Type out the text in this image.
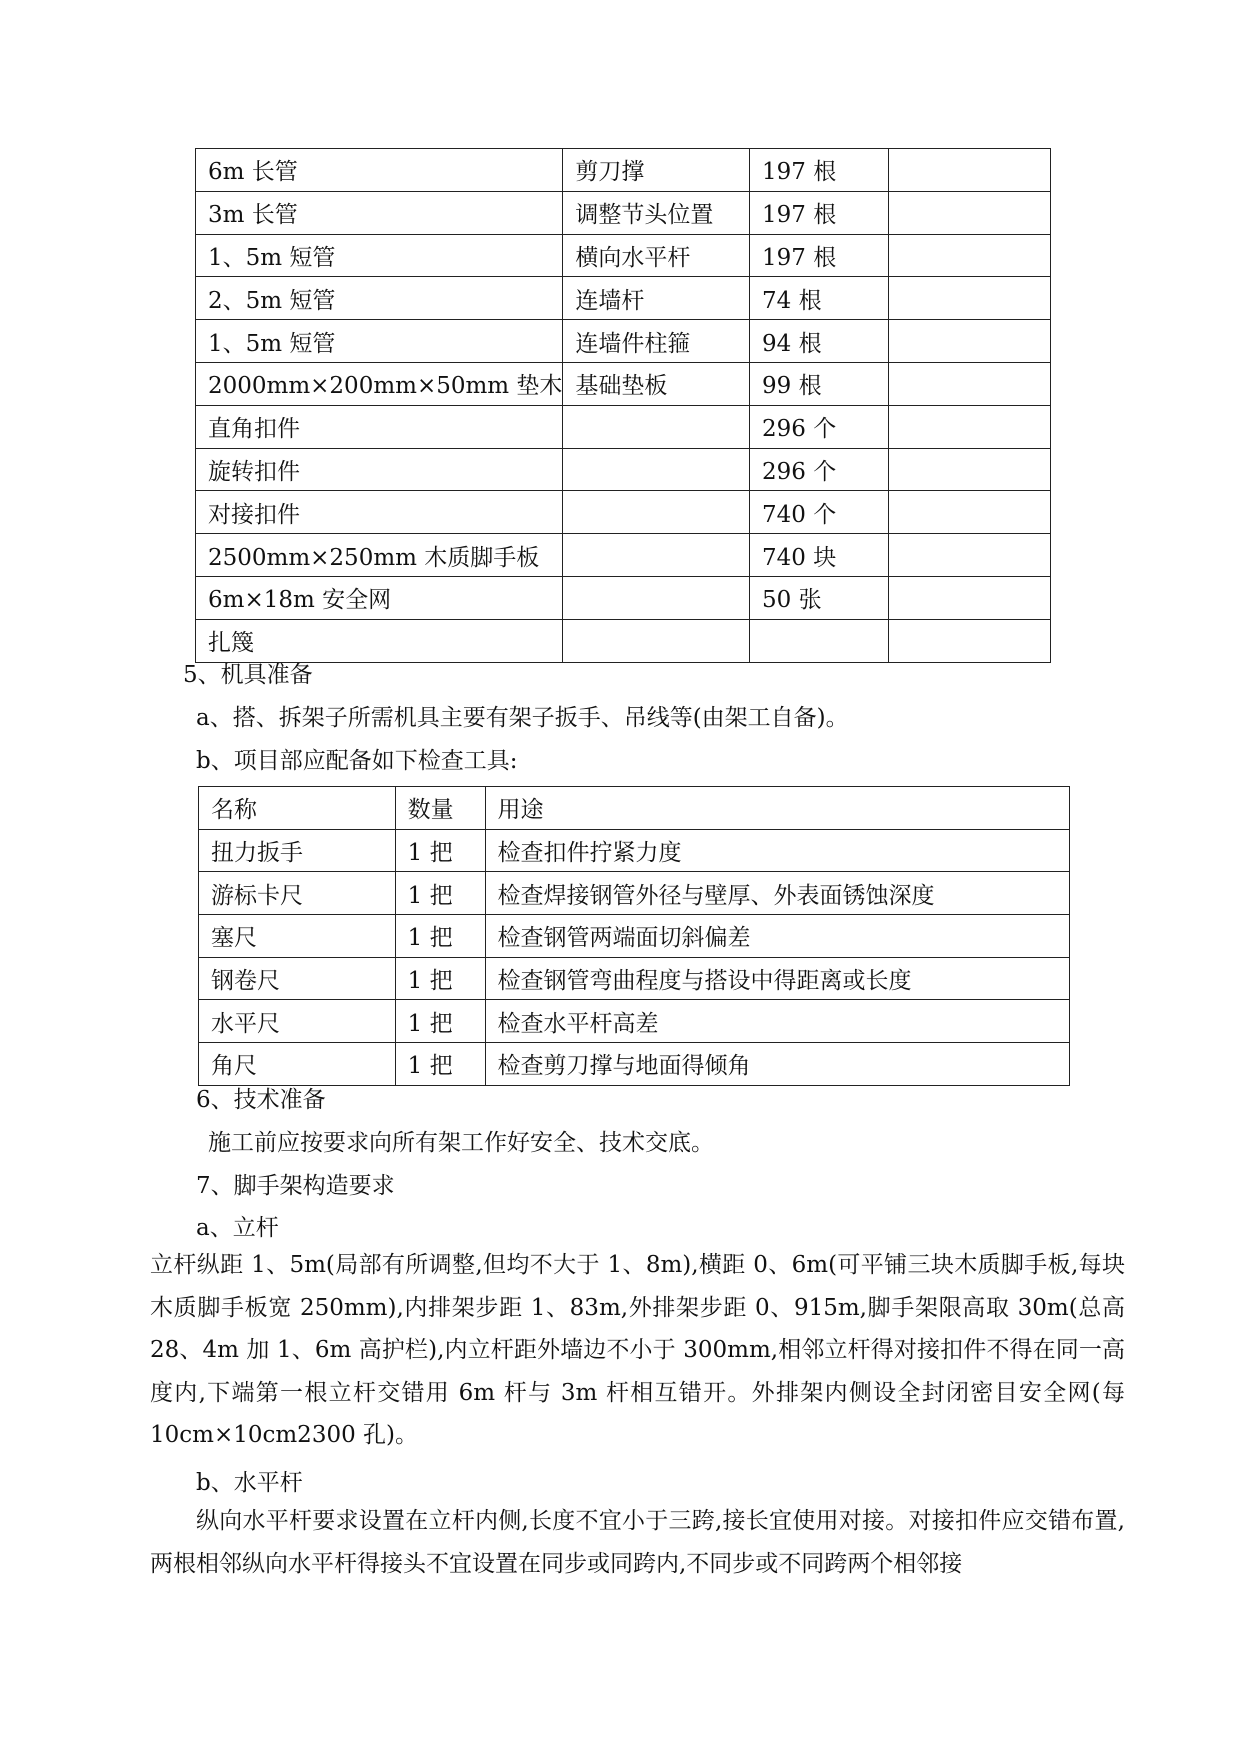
6m 长管	剪刀撑	197 根	
3m 长管	调整节头位置	197 根	
1、5m 短管	横向水平杆	197 根	
2、5m 短管	连墙杆	74 根	
1、5m 短管	连墙件柱箍	94 根	
2000mm×200mm×50mm 垫木	基础垫板	99 根	
直角扣件		296 个	
旋转扣件		296 个	
对接扣件		740 个	
2500mm×250mm 木质脚手板		740 块	
6m×18m 安全网		50 张	
扎篾			
5、机具准备
a、搭、拆架子所需机具主要有架子扳手、吊线等(由架工自备)。
b、项目部应配备如下检查工具:
名称	数量	用途
扭力扳手	1 把	检查扣件拧紧力度
游标卡尺	1 把	检查焊接钢管外径与壁厚、外表面锈蚀深度
塞尺	1 把	检查钢管两端面切斜偏差
钢卷尺	1 把	检查钢管弯曲程度与搭设中得距离或长度
水平尺	1 把	检查水平杆高差
角尺	1 把	检查剪刀撑与地面得倾角
6、技术准备
施工前应按要求向所有架工作好安全、技术交底。
7、脚手架构造要求
a、立杆
立杆纵距 1、5m(局部有所调整,但均不大于 1、8m),横距 0、6m(可平铺三块木质脚手板,每块木质脚手板宽 250mm),内排架步距 1、83m,外排架步距 0、915m,脚手架限高取 30m(总高 28、4m 加 1、6m 高护栏),内立杆距外墙边不小于 300mm,相邻立杆得对接扣件不得在同一高度内,下端第一根立杆交错用 6m 杆与 3m 杆相互错开。外排架内侧设全封闭密目安全网(每 10cm×10cm2300 孔)。
b、水平杆
纵向水平杆要求设置在立杆内侧,长度不宜小于三跨,接长宜使用对接。对接扣件应交错布置,两根相邻纵向水平杆得接头不宜设置在同步或同跨内,不同步或不同跨两个相邻接
